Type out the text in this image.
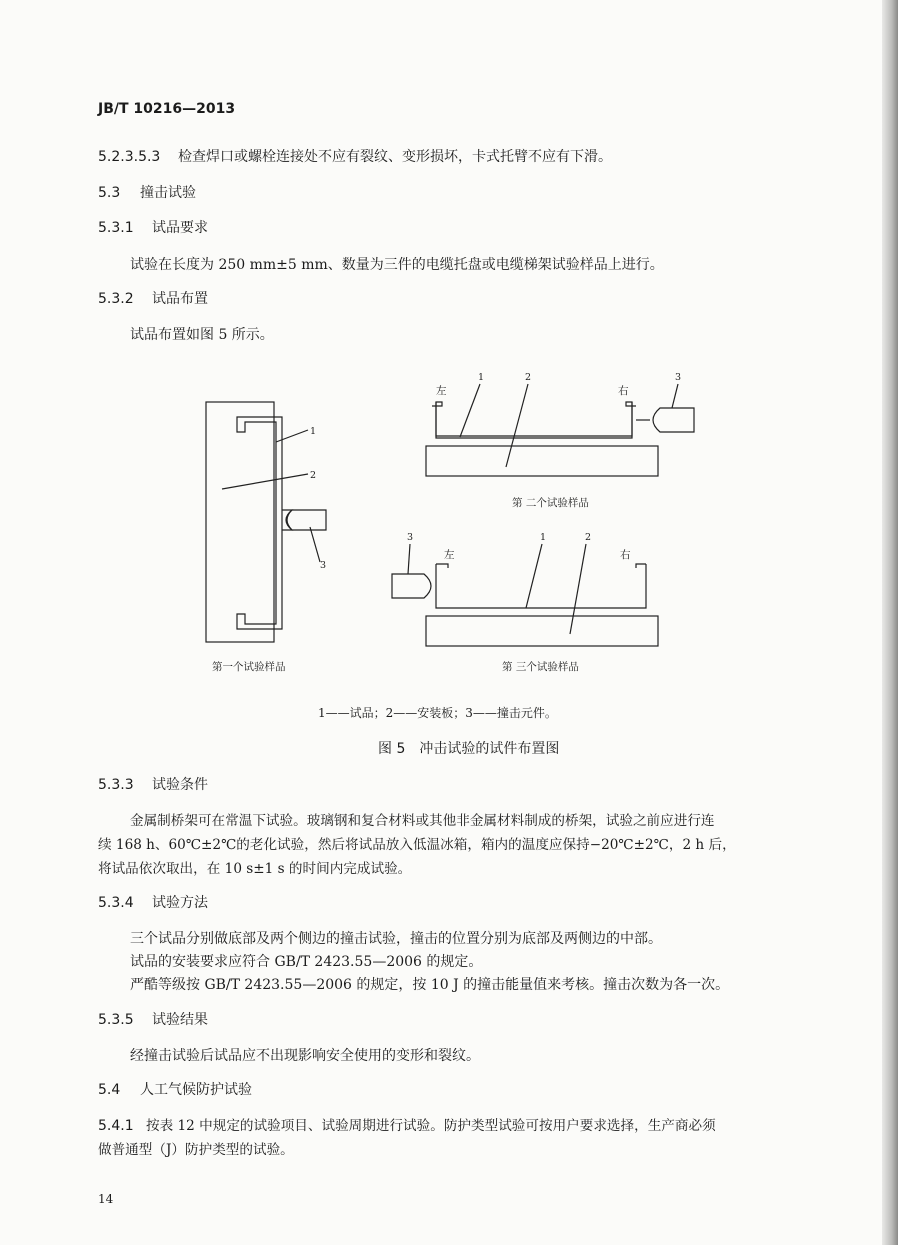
JB/T 10216—2013
5.2.3.5.3 检查焊口或螺栓连接处不应有裂纹、变形损坏，卡式托臂不应有下滑。
5.3 撞击试验
5.3.1 试品要求
试验在长度为 250 mm±5 mm、数量为三件的电缆托盘或电缆梯架试验样品上进行。
5.3.2 试品布置
试品布置如图 5 所示。
1
2
3
第一个试验样品
左
1	2
右
3
第 二个试验样品
3
左
1	2
右
第 三个试验样品
1——试品；2——安装板；3——撞击元件。
图 5　冲击试验的试件布置图
5.3.3 试验条件
金属制桥架可在常温下试验。玻璃钢和复合材料或其他非金属材料制成的桥架，试验之前应进行连
续 168 h、60℃±2℃的老化试验，然后将试品放入低温冰箱，箱内的温度应保持−20℃±2℃，2 h 后，
将试品依次取出，在 10 s±1 s 的时间内完成试验。
5.3.4 试验方法
三个试品分别做底部及两个侧边的撞击试验，撞击的位置分别为底部及两侧边的中部。
试品的安装要求应符合 GB/T 2423.55—2006 的规定。
严酷等级按 GB/T 2423.55—2006 的规定，按 10 J 的撞击能量值来考核。撞击次数为各一次。
5.3.5 试验结果
经撞击试验后试品应不出现影响安全使用的变形和裂纹。
5.4 人工气候防护试验
5.4.1 按表 12 中规定的试验项目、试验周期进行试验。防护类型试验可按用户要求选择，生产商必须
做普通型（J）防护类型的试验。
14
